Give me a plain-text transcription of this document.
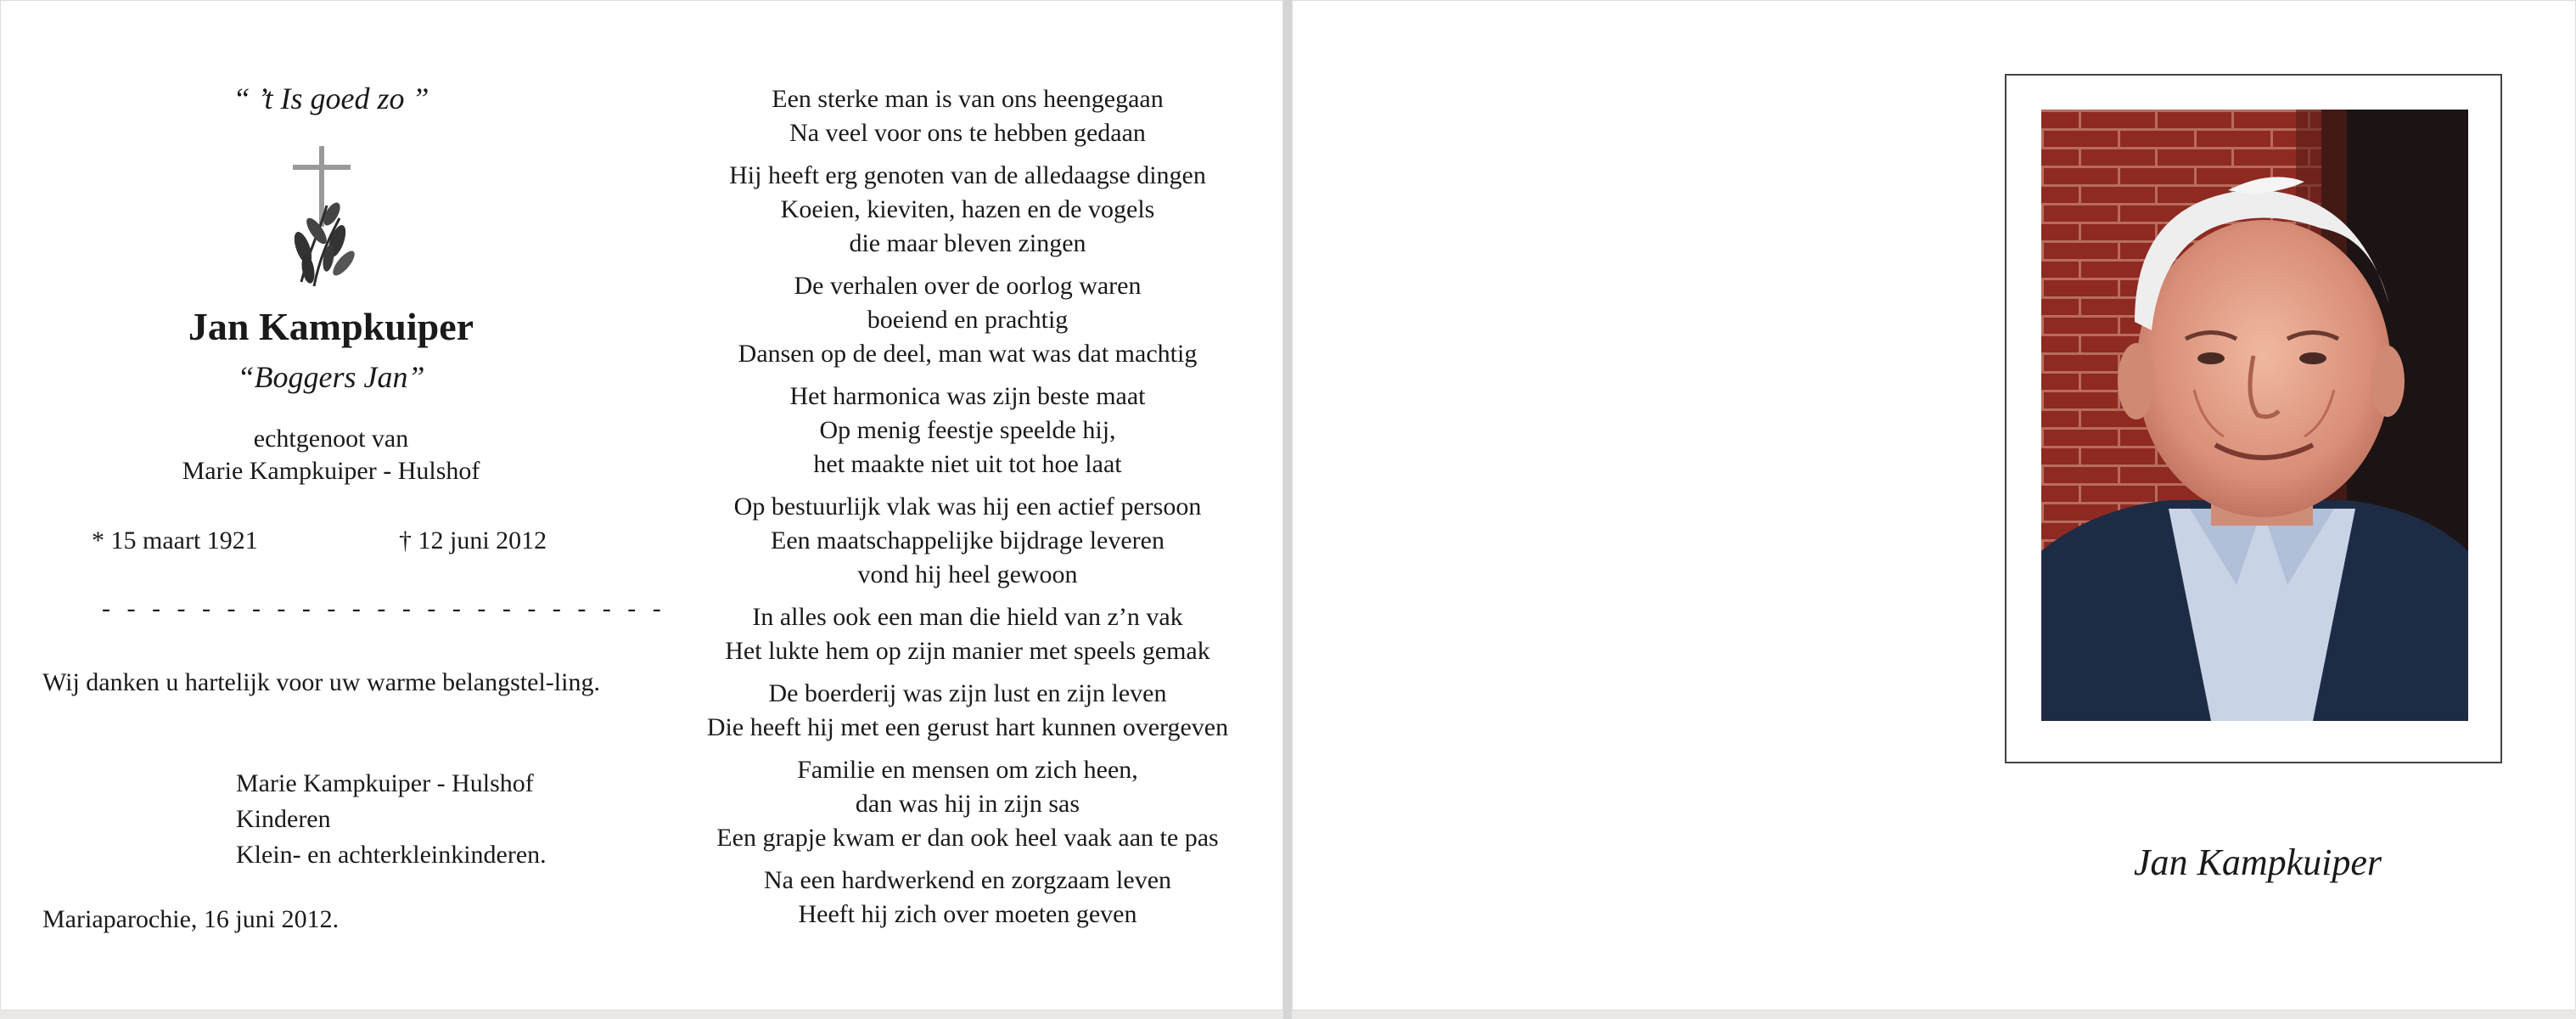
“ ’t Is goed zo ”
Jan Kampkuiper
“Boggers Jan”
echtgenoot van
Marie Kampkuiper - Hulshof
* 15 maart 1921	† 12 juni 2012
- - - - - - - - - - - - - - - - - - - - - - -
Wij danken u hartelijk voor uw warme belangstel-ling.
Marie Kampkuiper - Hulshof
Kinderen
Klein- en achterkleinkinderen.
Mariaparochie, 16 juni 2012.
Een sterke man is van ons heengegaan
Na veel voor ons te hebben gedaan
Hij heeft erg genoten van de alledaagse dingen
Koeien, kieviten, hazen en de vogels
die maar bleven zingen
De verhalen over de oorlog waren
boeiend en prachtig
Dansen op de deel, man wat was dat machtig
Het harmonica was zijn beste maat
Op menig feestje speelde hij,
het maakte niet uit tot hoe laat
Op bestuurlijk vlak was hij een actief persoon
Een maatschappelijke bijdrage leveren
vond hij heel gewoon
In alles ook een man die hield van z’n vak
Het lukte hem op zijn manier met speels gemak
De boerderij was zijn lust en zijn leven
Die heeft hij met een gerust hart kunnen overgeven
Familie en mensen om zich heen,
dan was hij in zijn sas
Een grapje kwam er dan ook heel vaak aan te pas
Na een hardwerkend en zorgzaam leven
Heeft hij zich over moeten geven
Jan Kampkuiper
